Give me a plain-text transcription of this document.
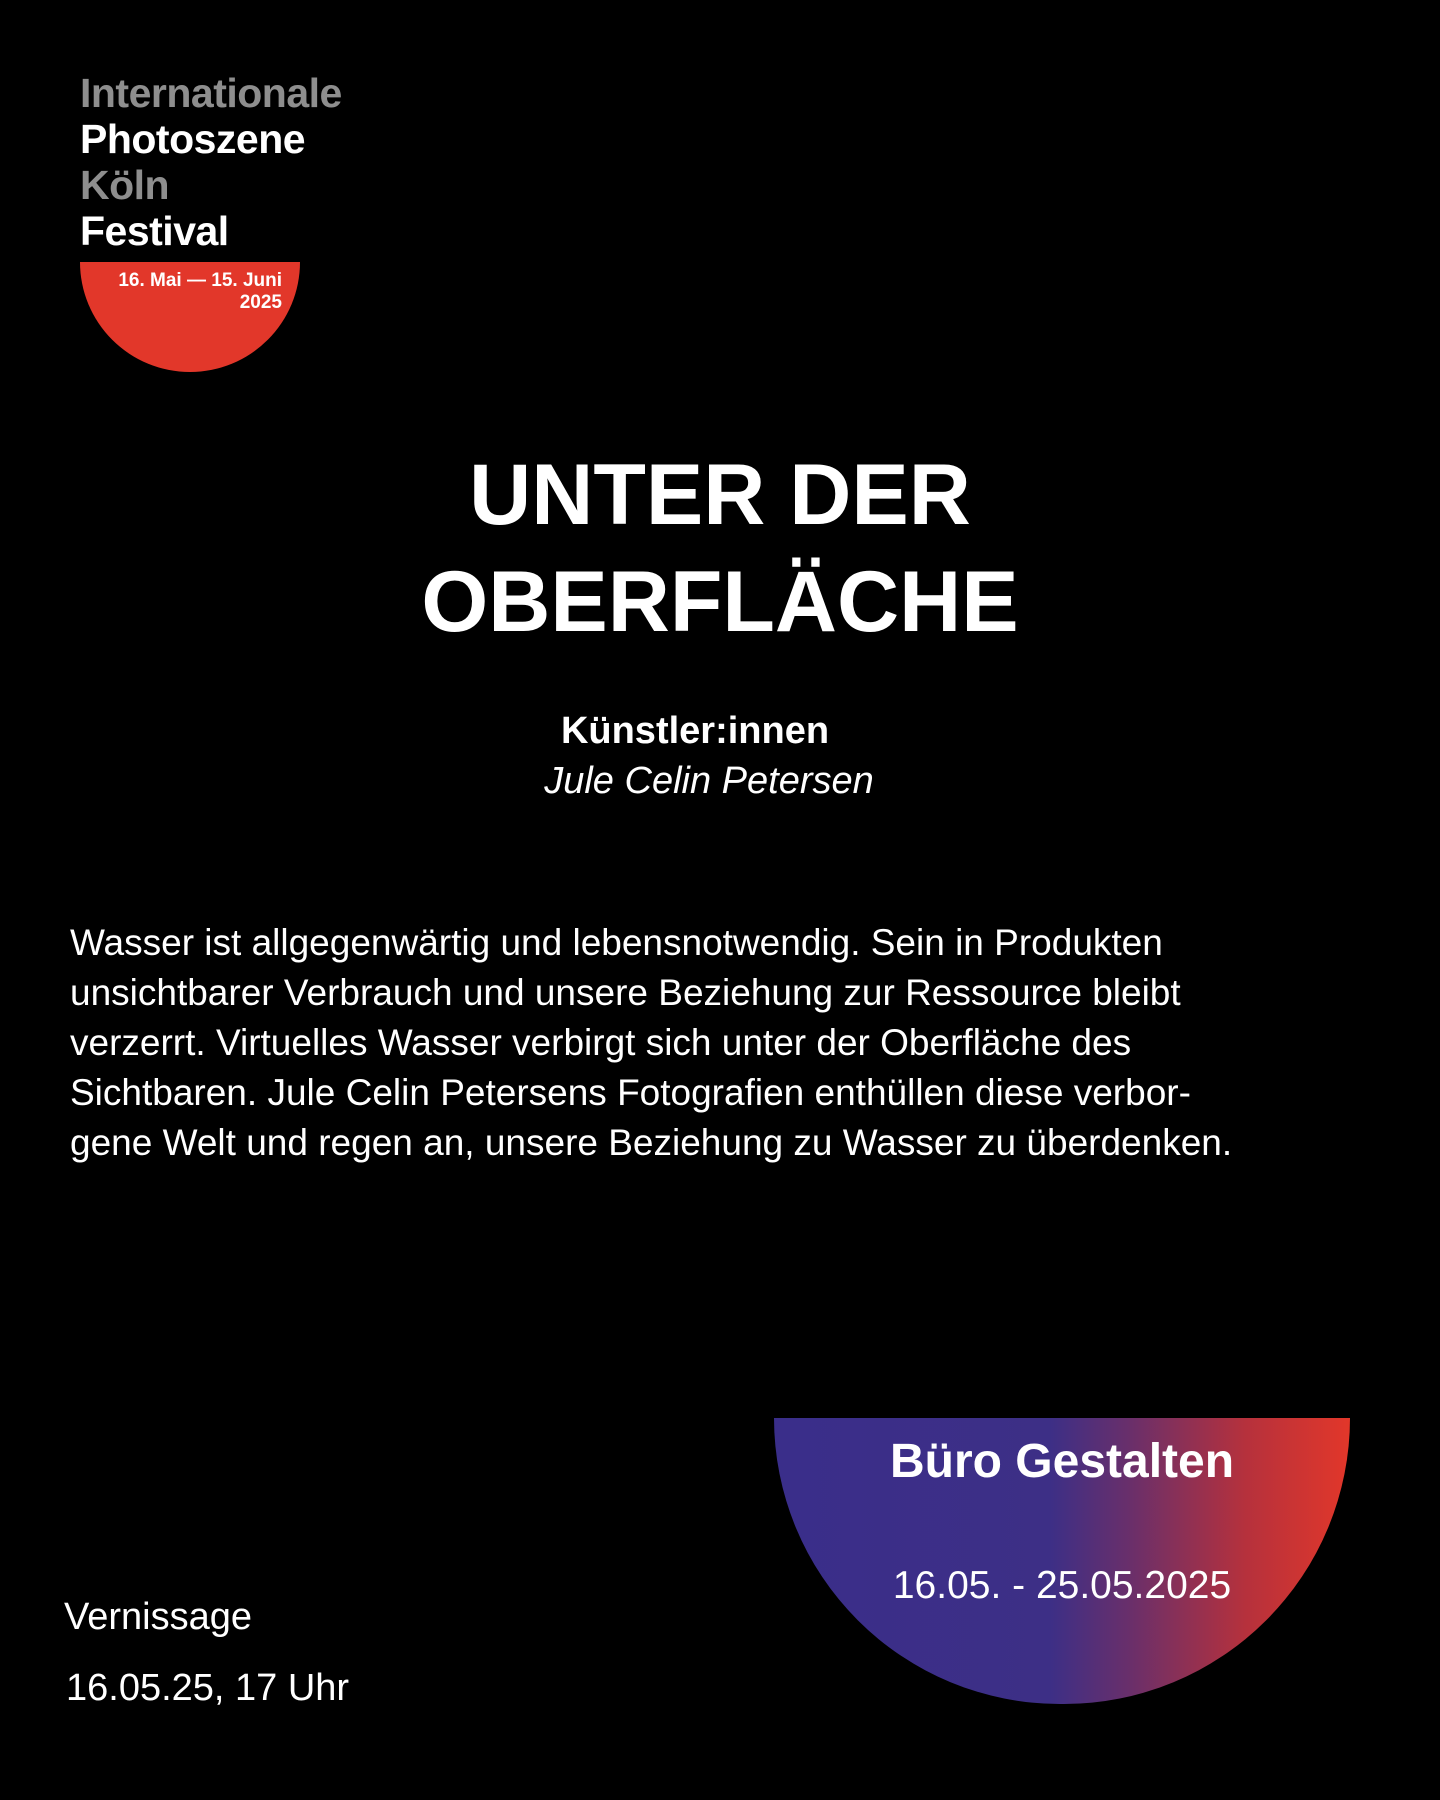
Internationale
Photoszene
Köln
Festival
16. Mai — 15. Juni
2025
UNTER DER
OBERFLÄCHE
Künstler:innen
Jule Celin Petersen
Wasser ist allgegenwärtig und lebensnotwendig. Sein in Produkten
unsichtbarer Verbrauch und unsere Beziehung zur Ressource bleibt
verzerrt. Virtuelles Wasser verbirgt sich unter der Oberfläche des
Sichtbaren. Jule Celin Petersens Fotografien enthüllen diese verbor-
gene Welt und regen an, unsere Beziehung zu Wasser zu überdenken.
Büro Gestalten
16.05. - 25.05.2025
Vernissage
16.05.25, 17 Uhr
